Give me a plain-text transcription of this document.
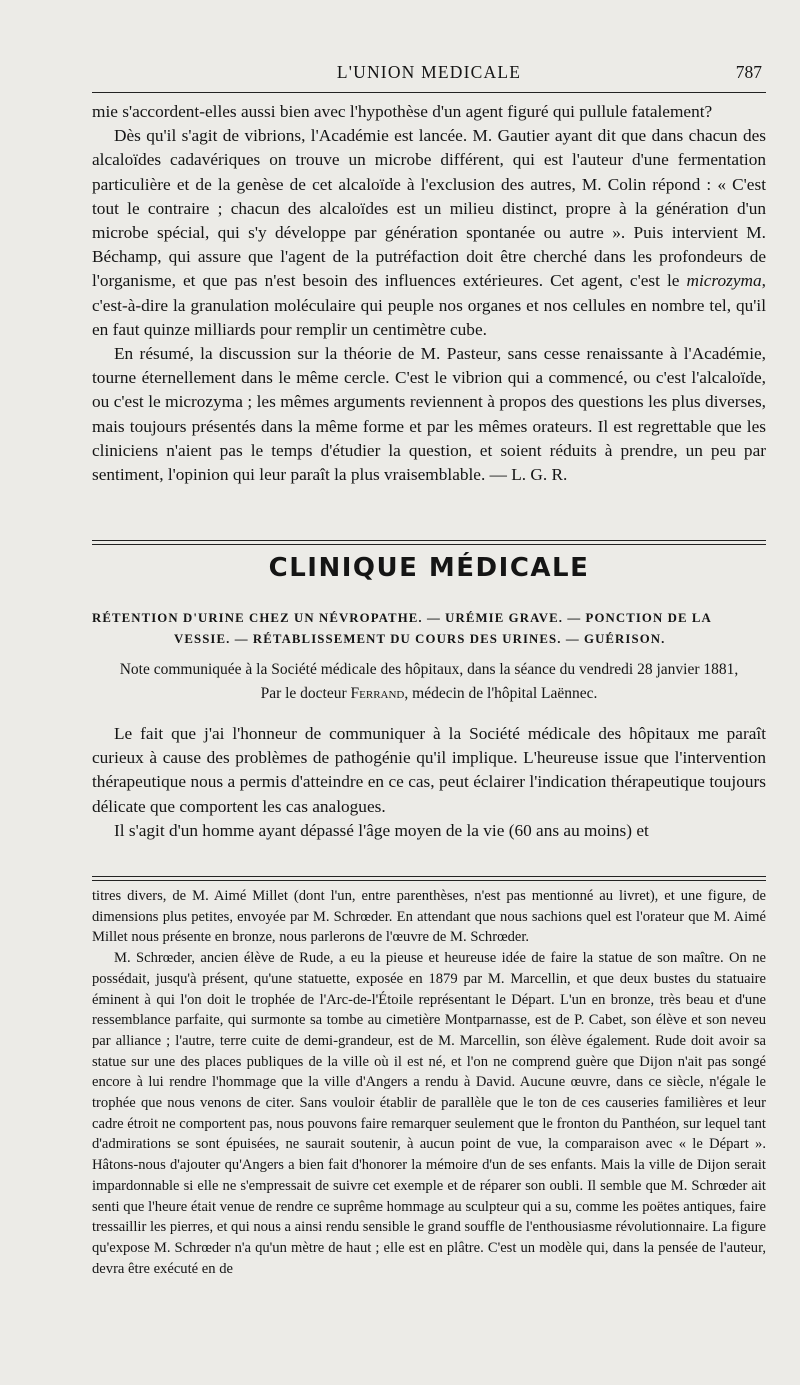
L'UNION MEDICALE	787

mie s'accordent-elles aussi bien avec l'hypothèse d'un agent figuré qui pullule fatalement?

Dès qu'il s'agit de vibrions, l'Académie est lancée. M. Gautier ayant dit que dans chacun des alcaloïdes cadavériques on trouve un microbe différent, qui est l'auteur d'une fermentation particulière et de la genèse de cet alcaloïde à l'exclusion des autres, M. Colin répond : « C'est tout le contraire ; chacun des alcaloïdes est un milieu distinct, propre à la génération d'un microbe spécial, qui s'y développe par génération spontanée ou autre ». Puis intervient M. Béchamp, qui assure que l'agent de la putréfaction doit être cherché dans les profondeurs de l'organisme, et que pas n'est besoin des influences extérieures. Cet agent, c'est le microzyma, c'est-à-dire la granulation moléculaire qui peuple nos organes et nos cellules en nombre tel, qu'il en faut quinze milliards pour remplir un centimètre cube.

En résumé, la discussion sur la théorie de M. Pasteur, sans cesse renaissante à l'Académie, tourne éternellement dans le même cercle. C'est le vibrion qui a commencé, ou c'est l'alcaloïde, ou c'est le microzyma ; les mêmes arguments reviennent à propos des questions les plus diverses, mais toujours présentés dans la même forme et par les mêmes orateurs. Il est regrettable que les cliniciens n'aient pas le temps d'étudier la question, et soient réduits à prendre, un peu par sentiment, l'opinion qui leur paraît la plus vraisemblable. — L. G. R.

CLINIQUE MÉDICALE
RÉTENTION D'URINE CHEZ UN NÉVROPATHE. — URÉMIE GRAVE. — PONCTION DE LA
VESSIE. — RÉTABLISSEMENT DU COURS DES URINES. — GUÉRISON.
Note communiquée à la Société médicale des hôpitaux, dans la séance du vendredi 28 janvier 1881,
Par le docteur Ferrand, médecin de l'hôpital Laënnec.

Le fait que j'ai l'honneur de communiquer à la Société médicale des hôpitaux me paraît curieux à cause des problèmes de pathogénie qu'il implique. L'heureuse issue que l'intervention thérapeutique nous a permis d'atteindre en ce cas, peut éclairer l'indication thérapeutique toujours délicate que comportent les cas analogues.

Il s'agit d'un homme ayant dépassé l'âge moyen de la vie (60 ans au moins) et

titres divers, de M. Aimé Millet (dont l'un, entre parenthèses, n'est pas mentionné au livret), et une figure, de dimensions plus petites, envoyée par M. Schrœder. En attendant que nous sachions quel est l'orateur que M. Aimé Millet nous présente en bronze, nous parlerons de l'œuvre de M. Schrœder.

M. Schrœder, ancien élève de Rude, a eu la pieuse et heureuse idée de faire la statue de son maître. On ne possédait, jusqu'à présent, qu'une statuette, exposée en 1879 par M. Marcellin, et que deux bustes du statuaire éminent à qui l'on doit le trophée de l'Arc-de-l'Étoile représentant le Départ. L'un en bronze, très beau et d'une ressemblance parfaite, qui surmonte sa tombe au cimetière Montparnasse, est de P. Cabet, son élève et son neveu par alliance ; l'autre, terre cuite de demi-grandeur, est de M. Marcellin, son élève également. Rude doit avoir sa statue sur une des places publiques de la ville où il est né, et l'on ne comprend guère que Dijon n'ait pas songé encore à lui rendre l'hommage que la ville d'Angers a rendu à David. Aucune œuvre, dans ce siècle, n'égale le trophée que nous venons de citer. Sans vouloir établir de parallèle que le ton de ces causeries familières et leur cadre étroit ne comportent pas, nous pouvons faire remarquer seulement que le fronton du Panthéon, sur lequel tant d'admirations se sont épuisées, ne saurait soutenir, à aucun point de vue, la comparaison avec « le Départ ». Hâtons-nous d'ajouter qu'Angers a bien fait d'honorer la mémoire d'un de ses enfants. Mais la ville de Dijon serait impardonnable si elle ne s'empressait de suivre cet exemple et de réparer son oubli. Il semble que M. Schrœder ait senti que l'heure était venue de rendre ce suprême hommage au sculpteur qui a su, comme les poëtes antiques, faire tressaillir les pierres, et qui nous a ainsi rendu sensible le grand souffle de l'enthousiasme révolutionnaire. La figure qu'expose M. Schrœder n'a qu'un mètre de haut ; elle est en plâtre. C'est un modèle qui, dans la pensée de l'auteur, devra être exécuté en de
